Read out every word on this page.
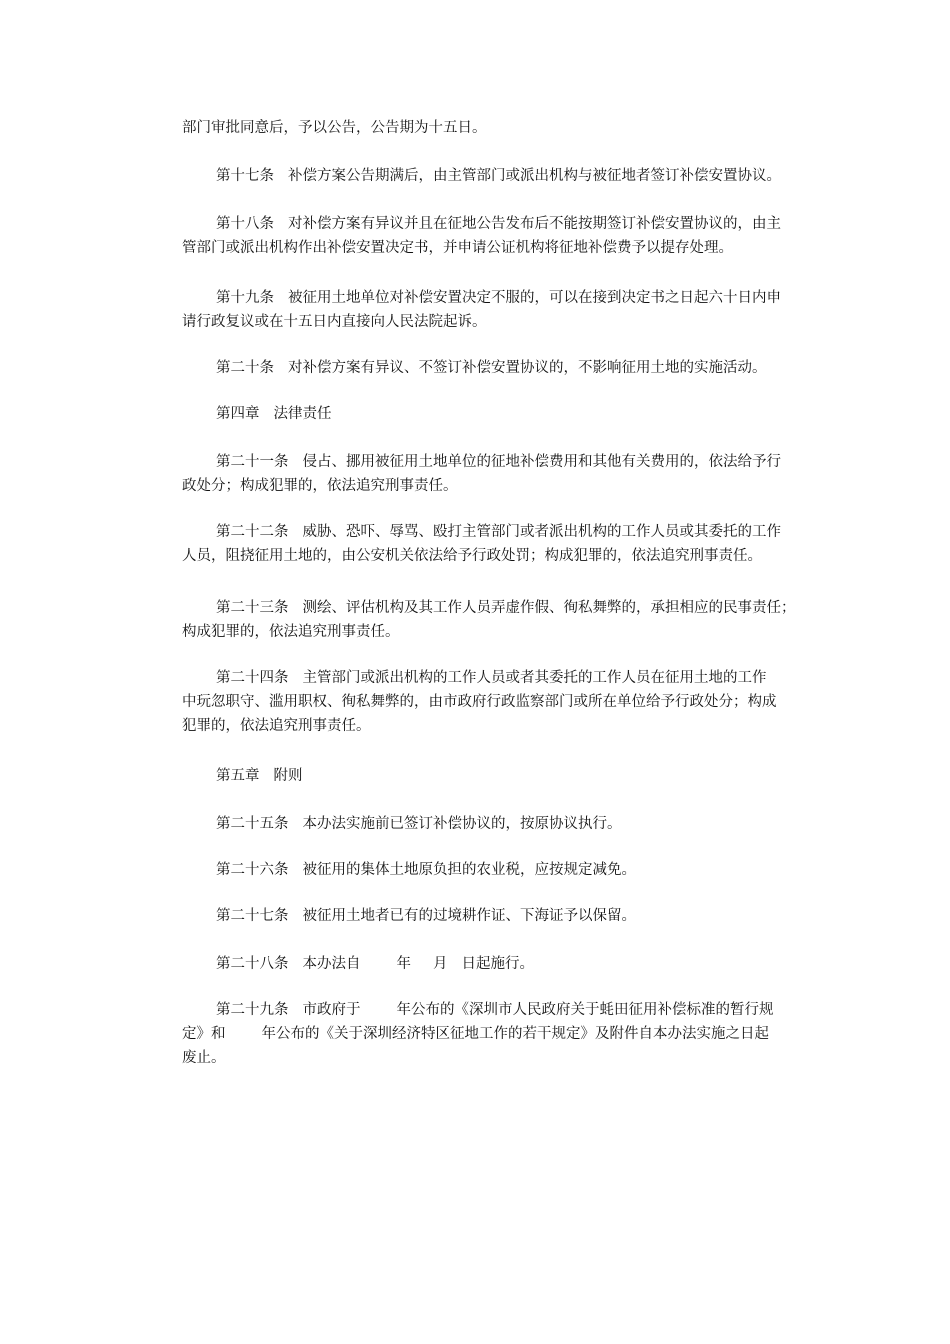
部门审批同意后，予以公告，公告期为十五日。

第十七条 补偿方案公告期满后，由主管部门或派出机构与被征地者签订补偿安置协议。

第十八条 对补偿方案有异议并且在征地公告发布后不能按期签订补偿安置协议的，由主
管部门或派出机构作出补偿安置决定书，并申请公证机构将征地补偿费予以提存处理。

第十九条 被征用土地单位对补偿安置决定不服的，可以在接到决定书之日起六十日内申
请行政复议或在十五日内直接向人民法院起诉。

第二十条 对补偿方案有异议、不签订补偿安置协议的，不影响征用土地的实施活动。

第四章 法律责任

第二十一条 侵占、挪用被征用土地单位的征地补偿费用和其他有关费用的，依法给予行
政处分；构成犯罪的，依法追究刑事责任。

第二十二条 威胁、恐吓、辱骂、殴打主管部门或者派出机构的工作人员或其委托的工作
人员，阻挠征用土地的，由公安机关依法给予行政处罚；构成犯罪的，依法追究刑事责任。

第二十三条 测绘、评估机构及其工作人员弄虚作假、徇私舞弊的，承担相应的民事责任；
构成犯罪的，依法追究刑事责任。

第二十四条 主管部门或派出机构的工作人员或者其委托的工作人员在征用土地的工作
中玩忽职守、滥用职权、徇私舞弊的，由市政府行政监察部门或所在单位给予行政处分；构成
犯罪的，依法追究刑事责任。

第五章 附则

第二十五条 本办法实施前已签订补偿协议的，按原协议执行。

第二十六条 被征用的集体土地原负担的农业税，应按规定减免。

第二十七条 被征用土地者已有的过境耕作证、下海证予以保留。

第二十八条 本办法自 年 月 日起施行。

第二十九条 市政府于 年公布的《深圳市人民政府关于蚝田征用补偿标准的暂行规
定》和 年公布的《关于深圳经济特区征地工作的若干规定》及附件自本办法实施之日起
废止。
